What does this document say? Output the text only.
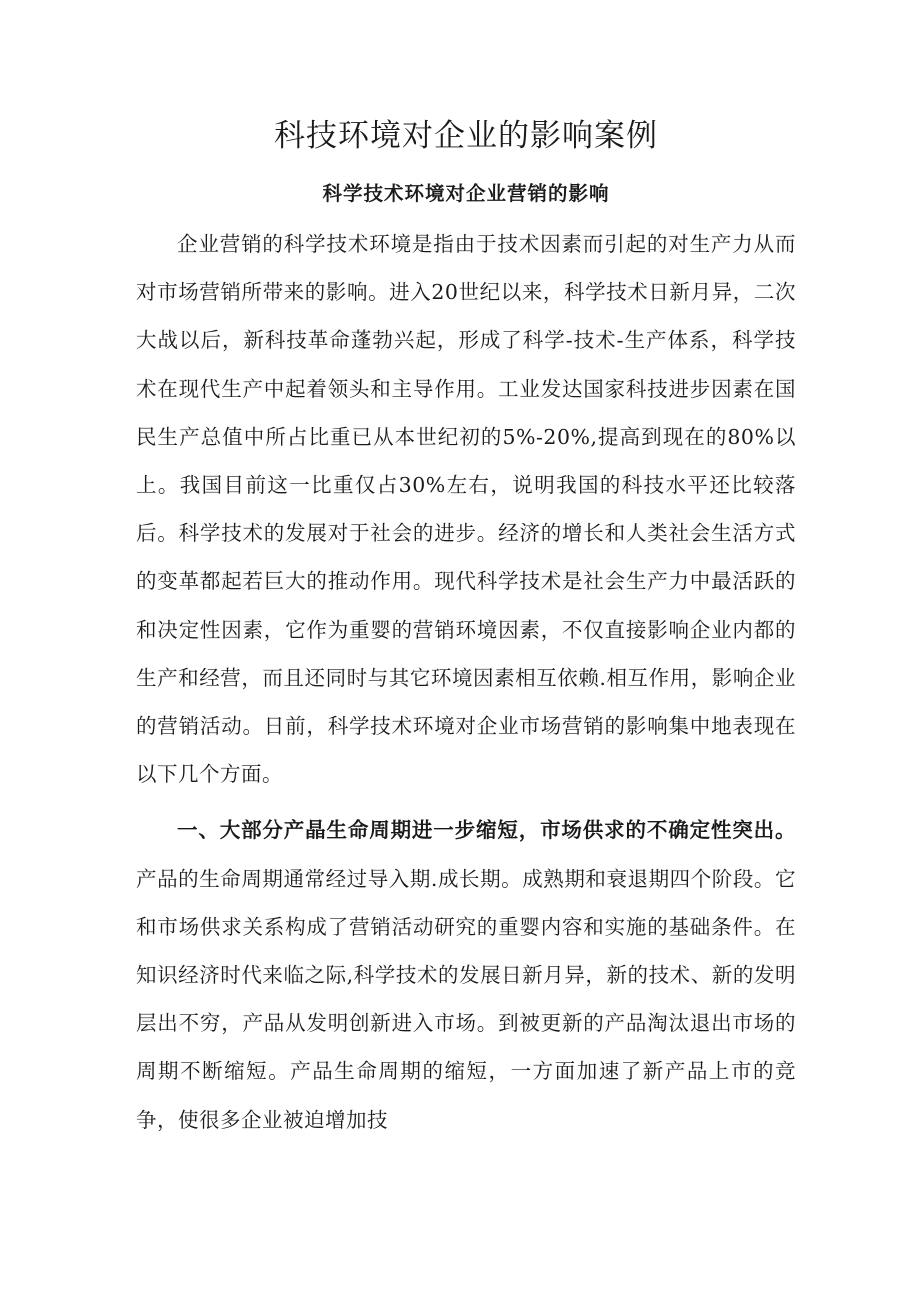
科技环境对企业的影响案例
科学技术环境对企业营销的影响

企业营销的科学技术环境是指由于技术因素而引起的对生产力从而对市场营销所带来的影响。进入20世纪以来，科学技术日新月异，二次大战以后，新科技革命蓬勃兴起，形成了科学-技术-生产体系，科学技术在现代生产中起着领头和主导作用。工业发达国家科技进步因素在国民生产总值中所占比重已从本世纪初的5%-20%,提高到现在的80%以上。我国目前这一比重仅占30%左右，说明我国的科技水平还比较落后。科学技术的发展对于社会的进步。经济的增长和人类社会生活方式的变革都起若巨大的推动作用。现代科学技术是社会生产力中最活跃的和决定性因素，它作为重婴的营销环境因素，不仅直接影响企业内都的生产和经营，而且还同时与其它环境因素相互依赖.相互作用，影响企业的营销活动。日前，科学技术环境对企业市场营销的影响集中地表现在以下几个方面。

一、大部分产晶生命周期进一步缩短，市场供求的不确定性突出。产品的生命周期通常经过导入期.成长期。成熟期和衰退期四个阶段。它和市场供求关系构成了营销活动研究的重婴内容和实施的基础条件。在知识经济时代来临之际,科学技术的发展日新月异，新的技术、新的发明层出不穷，产品从发明创新进入市场。到被更新的产品淘汰退出市场的周期不断缩短。产品生命周期的缩短，一方面加速了新产品上市的竞争，使很多企业被迫增加技
